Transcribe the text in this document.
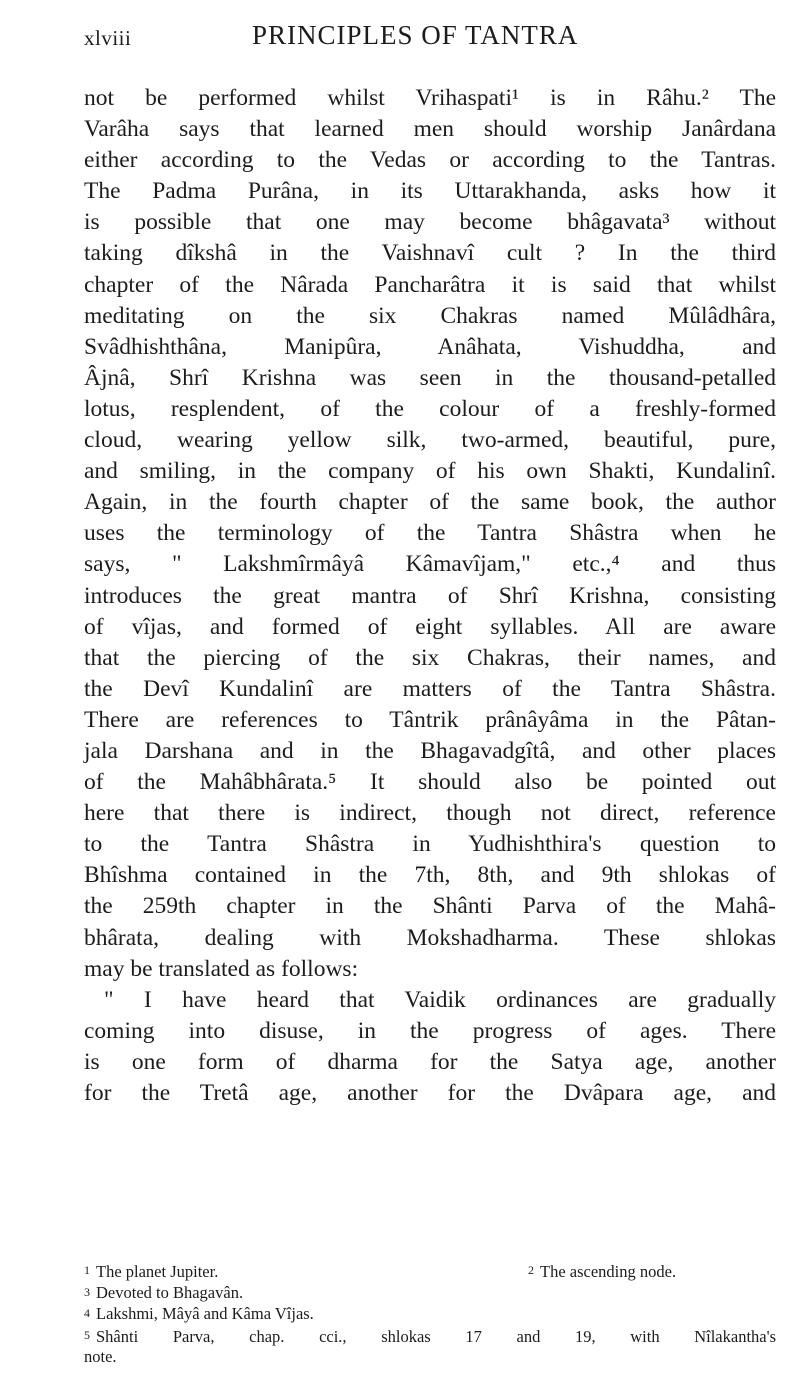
xlviii	PRINCIPLES OF TANTRA
not be performed whilst Vrihaspati¹ is in Râhu.² The
Varâha says that learned men should worship Janârdana
either according to the Vedas or according to the Tantras.
The Padma Purâna, in its Uttarakhanda, asks how it
is possible that one may become bhâgavata³ without
taking dîkshâ in the Vaishnavî cult ? In the third
chapter of the Nârada Pancharâtra it is said that whilst
meditating on the six Chakras named Mûlâdhâra,
Svâdhishthâna, Manipûra, Anâhata, Vishuddha, and
Âjnâ, Shrî Krishna was seen in the thousand-petalled
lotus, resplendent, of the colour of a freshly-formed
cloud, wearing yellow silk, two-armed, beautiful, pure,
and smiling, in the company of his own Shakti, Kundalinî.
Again, in the fourth chapter of the same book, the author
uses the terminology of the Tantra Shâstra when he
says, " Lakshmîrmâyâ Kâmavîjam," etc.,⁴ and thus
introduces the great mantra of Shrî Krishna, consisting
of vîjas, and formed of eight syllables. All are aware
that the piercing of the six Chakras, their names, and
the Devî Kundalinî are matters of the Tantra Shâstra.
There are references to Tântrik prânâyâma in the Pâtan-
jala Darshana and in the Bhagavadgîtâ, and other places
of the Mahâbhârata.⁵ It should also be pointed out
here that there is indirect, though not direct, reference
to the Tantra Shâstra in Yudhishthira's question to
Bhîshma contained in the 7th, 8th, and 9th shlokas of
the 259th chapter in the Shânti Parva of the Mahâ-
bhârata, dealing with Mokshadharma. These shlokas
may be translated as follows:
" I have heard that Vaidik ordinances are gradually
coming into disuse, in the progress of ages. There
is one form of dharma for the Satya age, another
for the Tretâ age, another for the Dvâpara age, and
1 The planet Jupiter.	2 The ascending node.
3 Devoted to Bhagavân.
4 Lakshmi, Mâyâ and Kâma Vîjas.
5 Shânti Parva, chap. cci., shlokas 17 and 19, with Nîlakantha's
note.
